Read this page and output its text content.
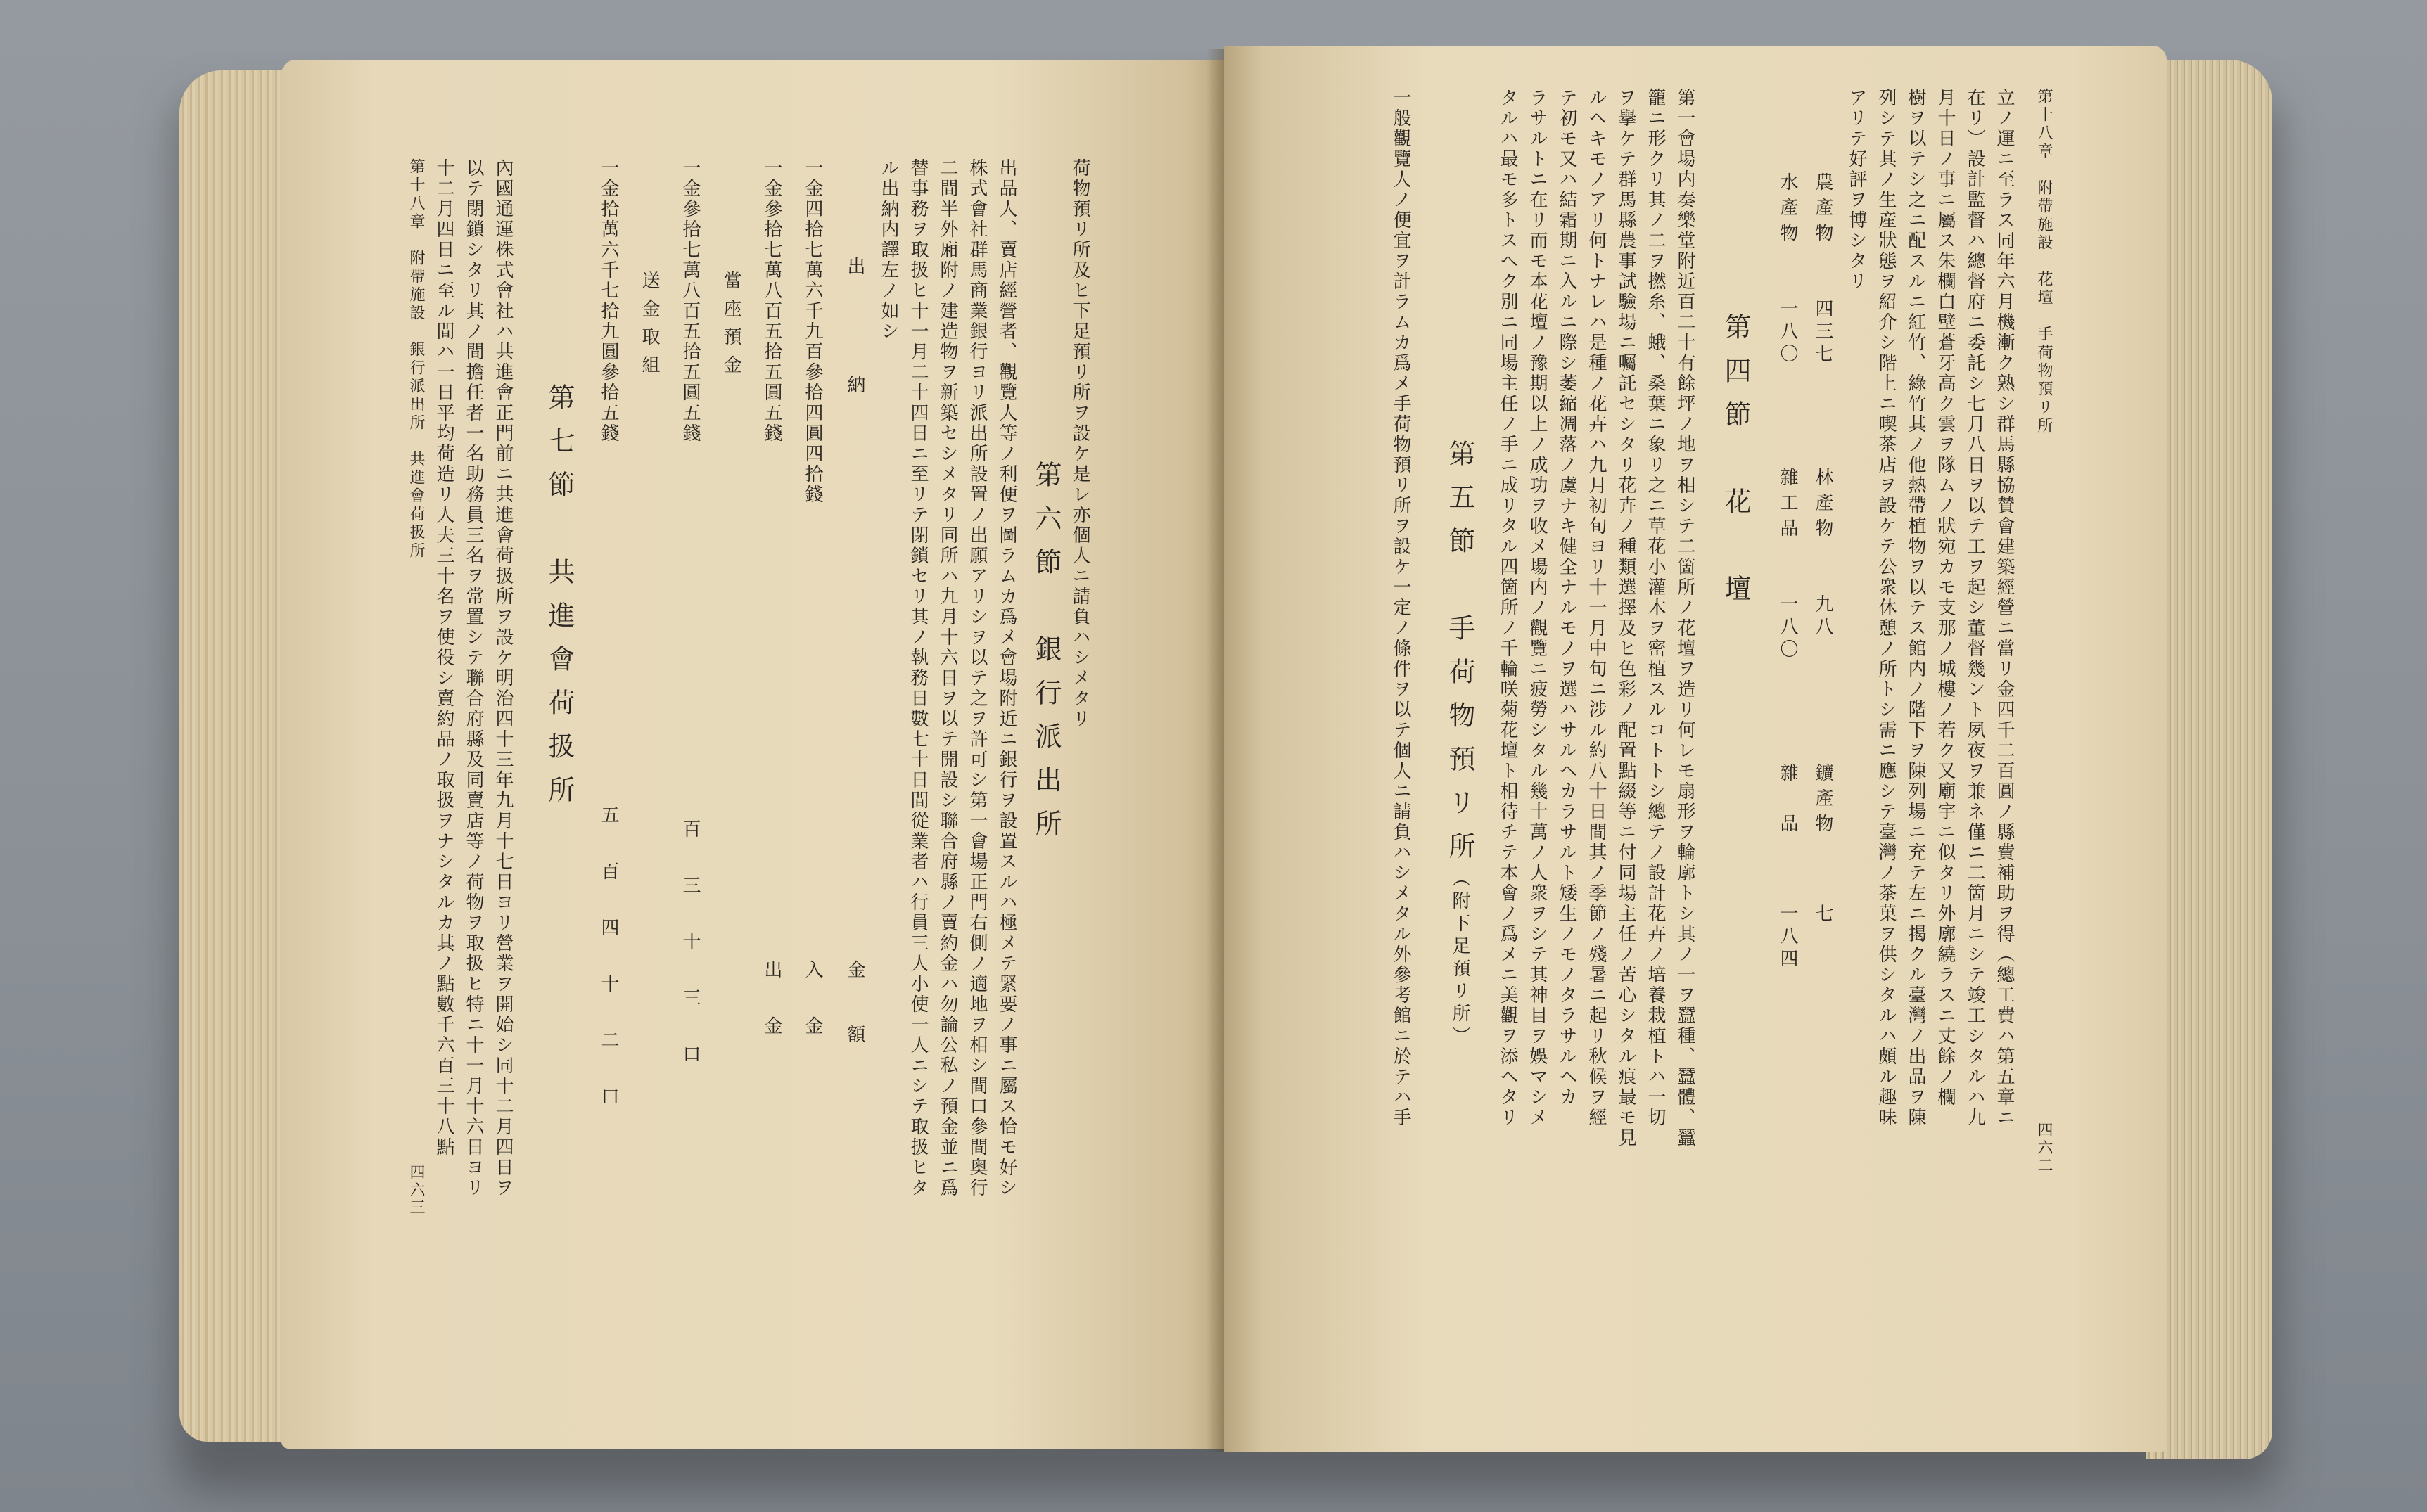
荷物預リ所及ヒ下足預リ所ヲ設ケ是レ亦個人ニ請負ハシメタリ
第六節　銀行派出所
出品人、賣店經營者、觀覽人等ノ利便ヲ圖ラムカ爲メ會場附近ニ銀行ヲ設置スルハ極メテ緊要ノ事ニ屬ス恰モ好シ
株式會社群馬商業銀行ヨリ派出所設置ノ出願アリシヲ以テ之ヲ許可シ第一會場正門右側ノ適地ヲ相シ間口參間奥行
二間半外廂附ノ建造物ヲ新築セシメタリ同所ハ九月十六日ヲ以テ開設シ聯合府縣ノ賣約金ハ勿論公私ノ預金並ニ爲
替事務ヲ取扱ヒ十一月二十四日ニ至リテ閉鎖セリ其ノ執務日數七十日間從業者ハ行員三人小使一人ニシテ取扱ヒタ
ル出納内譯左ノ如シ
出　　納
金　額
一金四拾七萬六千九百參拾四圓四拾錢
入　金
一金參拾七萬八百五拾五圓五錢
出　金
當座預金
一金參拾七萬八百五拾五圓五錢
百　三　十　三　口
送金取組
一金拾萬六千七拾九圓參拾五錢
五　百　四　十　二　口
第七節　共進會荷扱所
內國通運株式會社ハ共進會正門前ニ共進會荷扱所ヲ設ケ明治四十三年九月十七日ヨリ營業ヲ開始シ同十二月四日ヲ
以テ閉鎖シタリ其ノ間擔任者一名助務員三名ヲ常置シテ聯合府縣及同賣店等ノ荷物ヲ取扱ヒ特ニ十一月十六日ヨリ
十二月四日ニ至ル間ハ一日平均荷造リ人夫三十名ヲ使役シ賣約品ノ取扱ヲナシタルカ其ノ點數千六百三十八點
第十八章　附帶施設　銀行派出所　共進會荷扱所
四六三
第十八章　附帶施設　花壇　手荷物預リ所
四六二
立ノ運ニ至ラス同年六月機漸ク熟シ群馬縣協賛會建築經營ニ當リ金四千二百圓ノ縣費補助ヲ得（總工費ハ第五章ニ
在リ）設計監督ハ總督府ニ委託シ七月八日ヲ以テ工ヲ起シ董督幾ント夙夜ヲ兼ネ僅ニ二箇月ニシテ竣工シタルハ九
月十日ノ事ニ屬ス朱欄白壁蒼牙高ク雲ヲ隊ムノ狀宛カモ支那ノ城樓ノ若ク又廟宇ニ似タリ外廓繞ラスニ丈餘ノ欄
樹ヲ以テシ之ニ配スルニ紅竹、綠竹其ノ他熱帶植物ヲ以テス館内ノ階下ヲ陳列場ニ充テ左ニ揭クル臺灣ノ出品ヲ陳
列シテ其ノ生産狀態ヲ紹介シ階上ニ喫茶店ヲ設ケテ公衆休憩ノ所トシ需ニ應シテ臺灣ノ茶菓ヲ供シタルハ頗ル趣味
アリテ好評ヲ博シタリ
農產物
四三七
林產物
九八
鑛產物
七
水產物
一八〇
雜工品
一八〇
雜　品
一八四
第四節　花　壇
第一會場内奏樂堂附近百二十有餘坪ノ地ヲ相シテ二箇所ノ花壇ヲ造リ何レモ扇形ヲ輪廓トシ其ノ一ヲ蠶種、蠶體、蠶
籠ニ形クリ其ノ二ヲ撚糸、蛾、桑葉ニ象リ之ニ草花小灌木ヲ密植スルコトトシ總テノ設計花卉ノ培養栽植トハ一切
ヲ擧ケテ群馬縣農事試驗場ニ囑託セシタリ花卉ノ種類選擇及ヒ色彩ノ配置點綴等ニ付同場主任ノ苦心シタル痕最モ見
ルヘキモノアリ何トナレハ是種ノ花卉ハ九月初旬ヨリ十一月中旬ニ涉ル約八十日間其ノ季節ノ殘暑ニ起リ秋候ヲ經
テ初モ又ハ結霜期ニ入ルニ際シ萎縮凋落ノ虞ナキ健全ナルモノヲ選ハサルヘカラサルト矮生ノモノタラサルヘカ
ラサルトニ在リ而モ本花壇ノ豫期以上ノ成功ヲ收メ場内ノ觀覽ニ疲勞シタル幾十萬ノ人衆ヲシテ其神目ヲ娛マシメ
タルハ最モ多トスヘク別ニ同場主任ノ手ニ成リタル四箇所ノ千輪咲菊花壇ト相待チテ本會ノ爲メニ美觀ヲ添ヘタリ
第五節　手荷物預リ所
（附下足預リ所）
一般觀覽人ノ便宜ヲ計ラムカ爲メ手荷物預リ所ヲ設ケ一定ノ條件ヲ以テ個人ニ請負ハシメタル外參考館ニ於テハ手
